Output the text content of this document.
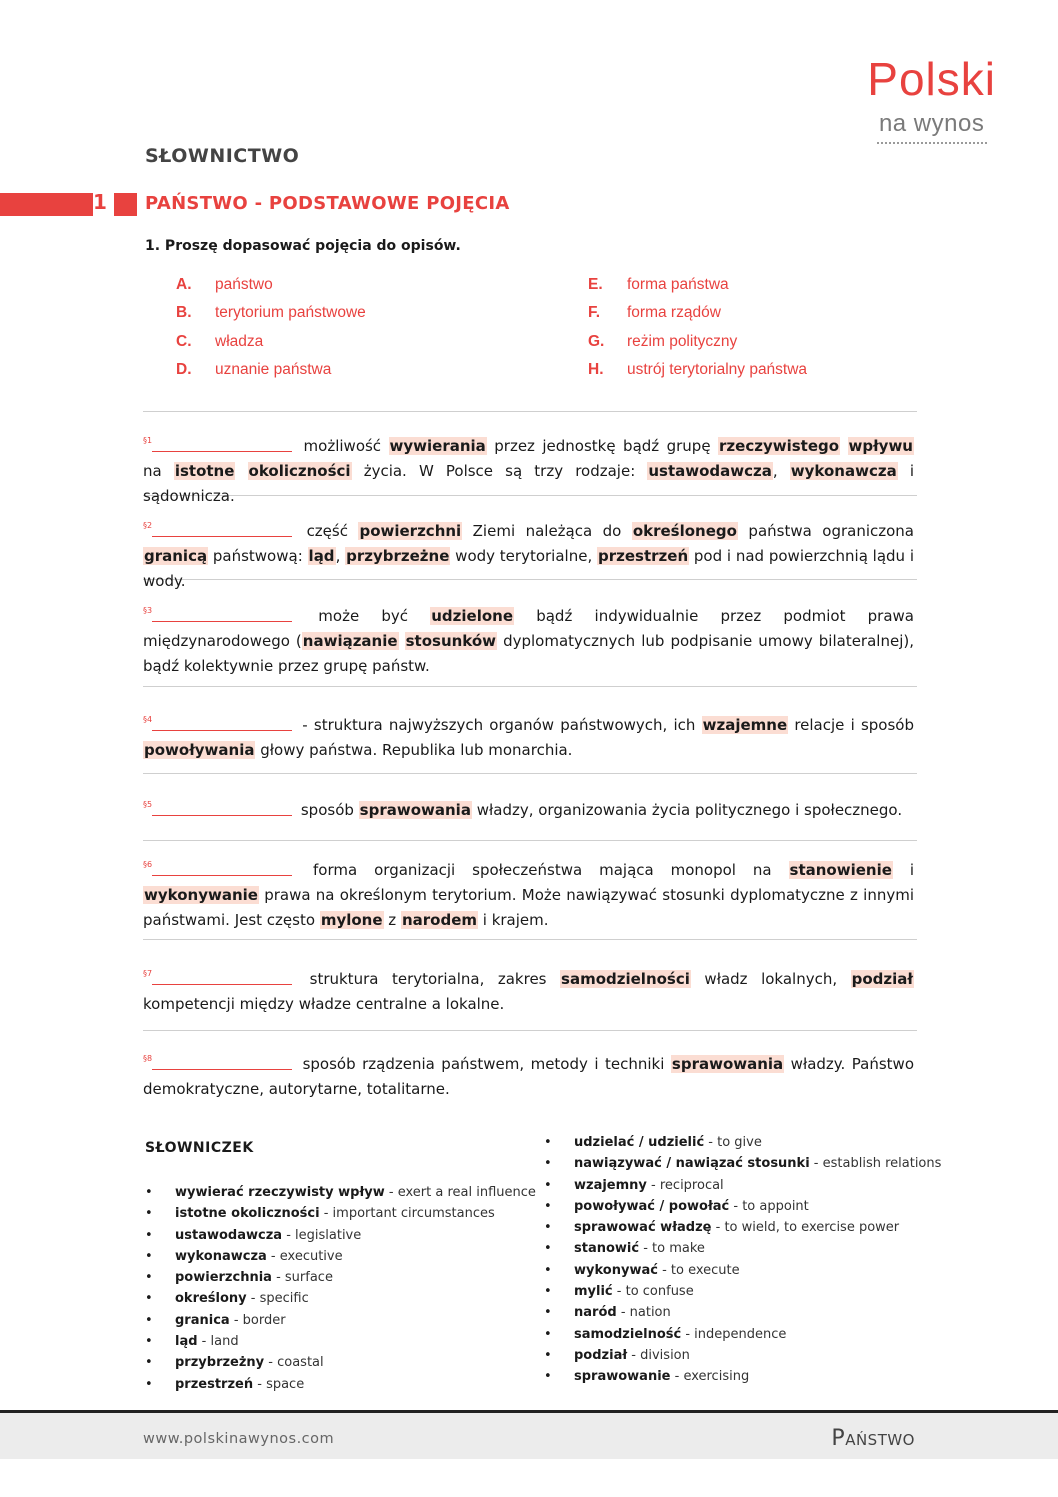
Polski
na wynos
SŁOWNICTWO
1 PAŃSTWO - PODSTAWOWE POJĘCIA
1. Proszę dopasować pojęcia do opisów.
A.	państwo
B.	terytorium państwowe
C.	władza
D.	uznanie państwa
E.	forma państwa
F.	forma rządów
G.	reżim polityczny
H.	ustrój terytorialny państwa
$^{\S 1}$	możliwość wywierania przez jednostkę bądź grupę rzeczywistego wpływu na istotne okoliczności życia. W Polsce są trzy rodzaje: ustawodawcza, wykonawcza i sądownicza.
$^{\S 2}$	część powierzchni Ziemi należąca do określonego państwa ograniczona granicą państwową: ląd, przybrzeżne wody terytorialne, przestrzeń pod i nad powierzchnią lądu i wody.
$^{\S 3}$	może być udzielone bądź indywidualnie przez podmiot prawa międzynarodowego (nawiązanie stosunków dyplomatycznych lub podpisanie umowy bilateralnej), bądź kolektywnie przez grupę państw.
$^{\S 4}$	- struktura najwyższych organów państwowych, ich wzajemne relacje i sposób powoływania głowy państwa. Republika lub monarchia.
$^{\S 5}$	sposób sprawowania władzy, organizowania życia politycznego i społecznego.
$^{\S 6}$	forma organizacji społeczeństwa mająca monopol na stanowienie i wykonywanie prawa na określonym terytorium. Może nawiązywać stosunki dyplomatyczne z innymi państwami. Jest często mylone z narodem i krajem.
$^{\S 7}$	struktura terytorialna, zakres samodzielności władz lokalnych, podział kompetencji między władze centralne a lokalne.
$^{\S 8}$	sposób rządzenia państwem, metody i techniki sprawowania władzy. Państwo demokratyczne, autorytarne, totalitarne.
SŁOWNICZEK
• wywierać rzeczywisty wpływ - exert a real influence
• istotne okoliczności - important circumstances
• ustawodawcza - legislative
• wykonawcza - executive
• powierzchnia - surface
• określony - specific
• granica - border
• ląd - land
• przybrzeżny - coastal
• przestrzeń - space
• udzielać / udzielić - to give
• nawiązywać / nawiązać stosunki - establish relations
• wzajemny - reciprocal
• powoływać / powołać - to appoint
• sprawować władzę - to wield, to exercise power
• stanowić - to make
• wykonywać - to execute
• mylić - to confuse
• naród - nation
• samodzielność - independence
• podział - division
• sprawowanie - exercising
www.polskinawynos.com	Państwo
